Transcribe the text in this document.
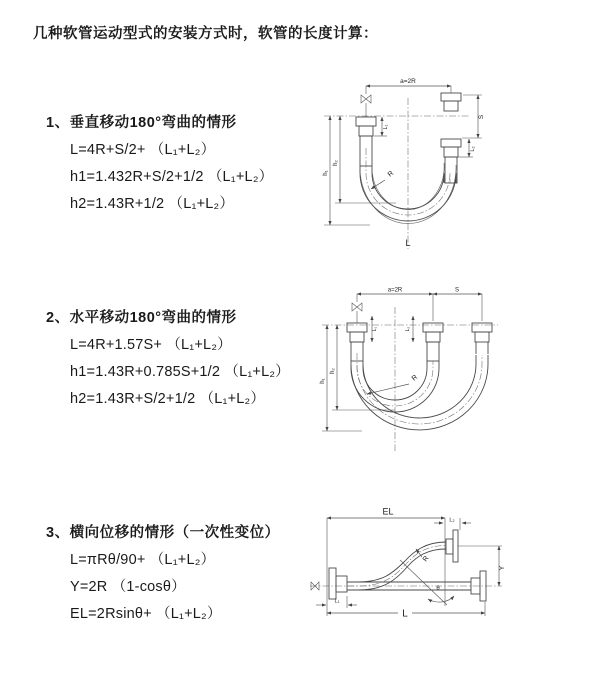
几种软管运动型式的安装方式时，软管的长度计算：
1、垂直移动180°弯曲的情形
L=4R+S/2+ （L₁+L₂）
h1=1.432R+S/2+1/2 （L₁+L₂）
h2=1.43R+1/2 （L₁+L₂）
a=2R
R
h₁
h₂
L₁
L₂
S
L
2、水平移动180°弯曲的情形
L=4R+1.57S+ （L₁+L₂）
h1=1.43R+0.785S+1/2 （L₁+L₂）
h2=1.43R+S/2+1/2 （L₁+L₂）
a=2R	S
L₁	L₂
R
h₁
h₂
3、横向位移的情形（一次性变位）
L=πRθ/90+ （L₁+L₂）
Y=2R （1-cosθ）
EL=2Rsinθ+ （L₁+L₂）
EL
L₂
Y
R
θ
L
L₁
